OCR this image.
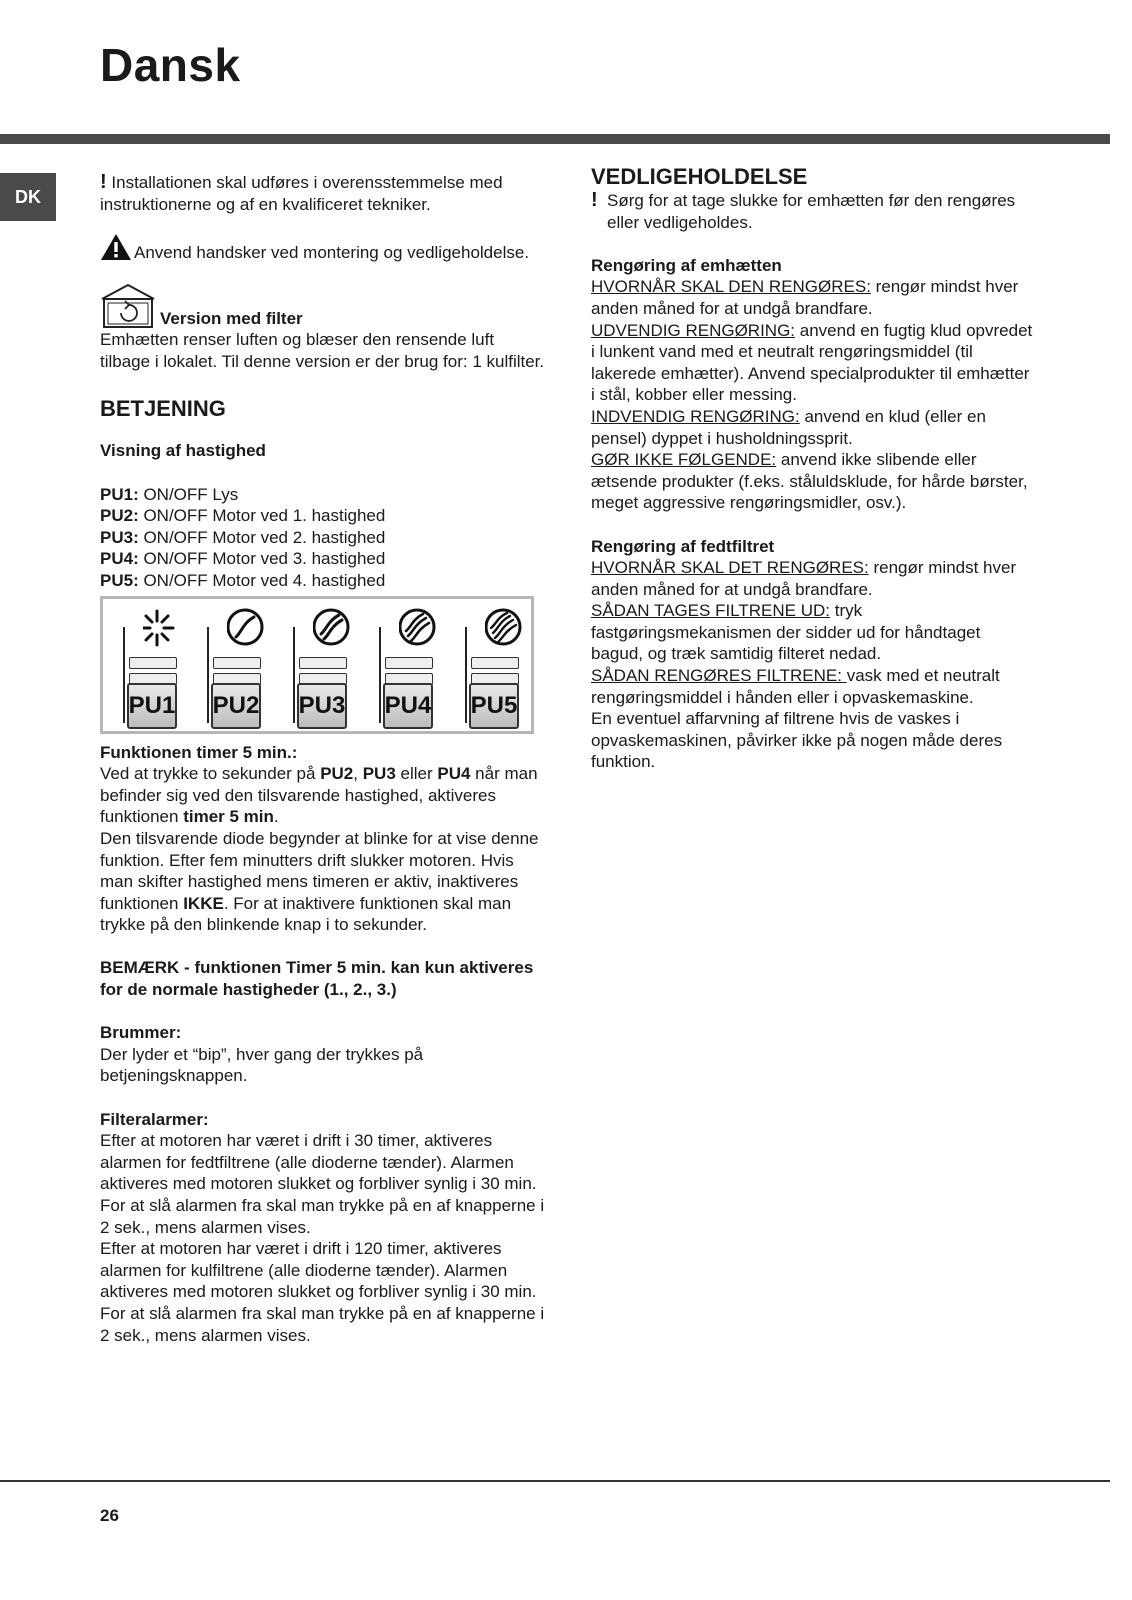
Dansk
DK

! Installationen skal udføres i overensstemmelse med instruktionerne og af en kvalificeret tekniker.

Anvend handsker ved montering og vedligeholdelse.
Version med filter

Emhætten renser luften og blæser den rensende luft tilbage i lokalet. Til denne version er der brug for: 1 kulfilter.

BETJENING

Visning af hastighed

PU1: ON/OFF Lys

PU2: ON/OFF Motor ved 1. hastighed

PU3: ON/OFF Motor ved 2. hastighed

PU4: ON/OFF Motor ved 3. hastighed

PU5: ON/OFF Motor ved 4. hastighed

PU1 PU2 PU3 PU4 PU5

Funktionen timer 5 min.:

Ved at trykke to sekunder på PU2, PU3 eller PU4 når man befinder sig ved den tilsvarende hastighed, aktiveres funktionen timer 5 min.

Den tilsvarende diode begynder at blinke for at vise denne funktion. Efter fem minutters drift slukker motoren. Hvis man skifter hastighed mens timeren er aktiv, inaktiveres funktionen IKKE. For at inaktivere funktionen skal man trykke på den blinkende knap i to sekunder.

BEMÆRK - funktionen Timer 5 min. kan kun aktiveres for de normale hastigheder (1., 2., 3.)

Brummer:

Der lyder et “bip”, hver gang der trykkes på betjeningsknappen.

Filteralarmer:

Efter at motoren har været i drift i 30 timer, aktiveres alarmen for fedtfiltrene (alle dioderne tænder). Alarmen aktiveres med motoren slukket og forbliver synlig i 30 min. For at slå alarmen fra skal man trykke på en af knapperne i 2 sek., mens alarmen vises.

Efter at motoren har været i drift i 120 timer, aktiveres alarmen for kulfiltrene (alle dioderne tænder). Alarmen aktiveres med motoren slukket og forbliver synlig i 30 min. For at slå alarmen fra skal man trykke på en af knapperne i 2 sek., mens alarmen vises.

VEDLIGEHOLDELSE

! Sørg for at tage slukke for emhætten før den rengøres eller vedligeholdes.

Rengøring af emhætten

HVORNÅR SKAL DEN RENGØRES: rengør mindst hver anden måned for at undgå brandfare.

UDVENDIG RENGØRING: anvend en fugtig klud opvredet i lunkent vand med et neutralt rengøringsmiddel (til lakerede emhætter). Anvend specialprodukter til emhætter i stål, kobber eller messing.

INDVENDIG RENGØRING: anvend en klud (eller en pensel) dyppet i husholdningssprit.

GØR IKKE FØLGENDE: anvend ikke slibende eller ætsende produkter (f.eks. ståluldsklude, for hårde børster, meget aggressive rengøringsmidler, osv.).

Rengøring af fedtfiltret

HVORNÅR SKAL DET RENGØRES: rengør mindst hver anden måned for at undgå brandfare.

SÅDAN TAGES FILTRENE UD: tryk fastgøringsmekanismen der sidder ud for håndtaget bagud, og træk samtidig filteret nedad.

SÅDAN RENGØRES FILTRENE: vask med et neutralt rengøringsmiddel i hånden eller i opvaskemaskine.

En eventuel affarvning af filtrene hvis de vaskes i opvaskemaskinen, påvirker ikke på nogen måde deres funktion.

26
